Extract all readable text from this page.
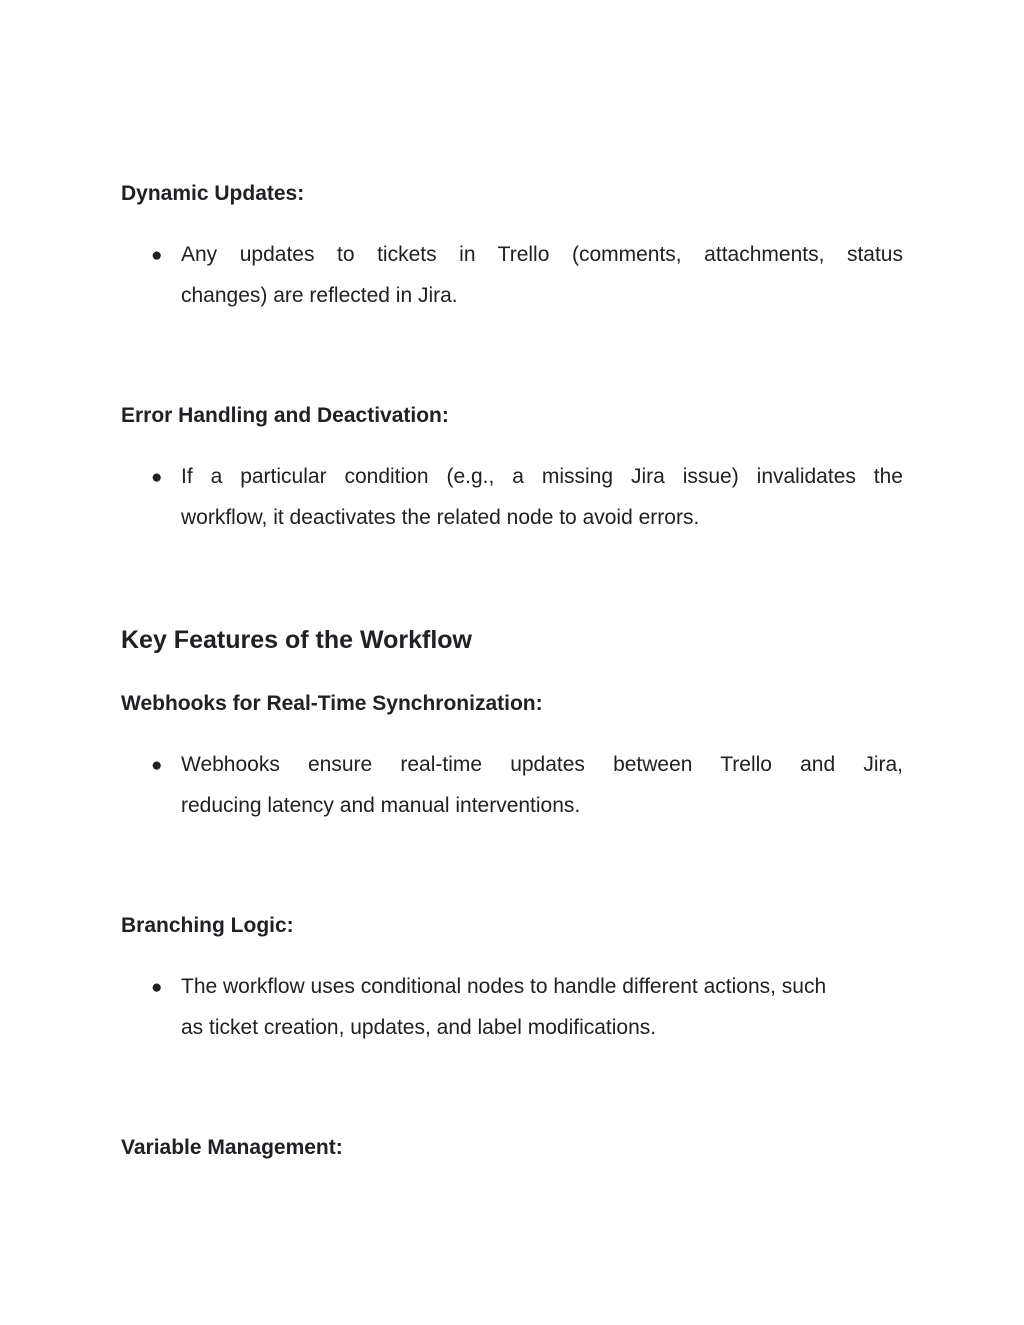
Dynamic Updates:
● Any updates to tickets in Trello (comments, attachments, status

changes) are reflected in Jira.

Error Handling and Deactivation:
● If a particular condition (e.g., a missing Jira issue) invalidates the

workflow, it deactivates the related node to avoid errors.

Key Features of the Workflow
Webhooks for Real-Time Synchronization:
● Webhooks ensure real-time updates between Trello and Jira,

reducing latency and manual interventions.

Branching Logic:
● The workflow uses conditional nodes to handle different actions, such

as ticket creation, updates, and label modifications.

Variable Management:
